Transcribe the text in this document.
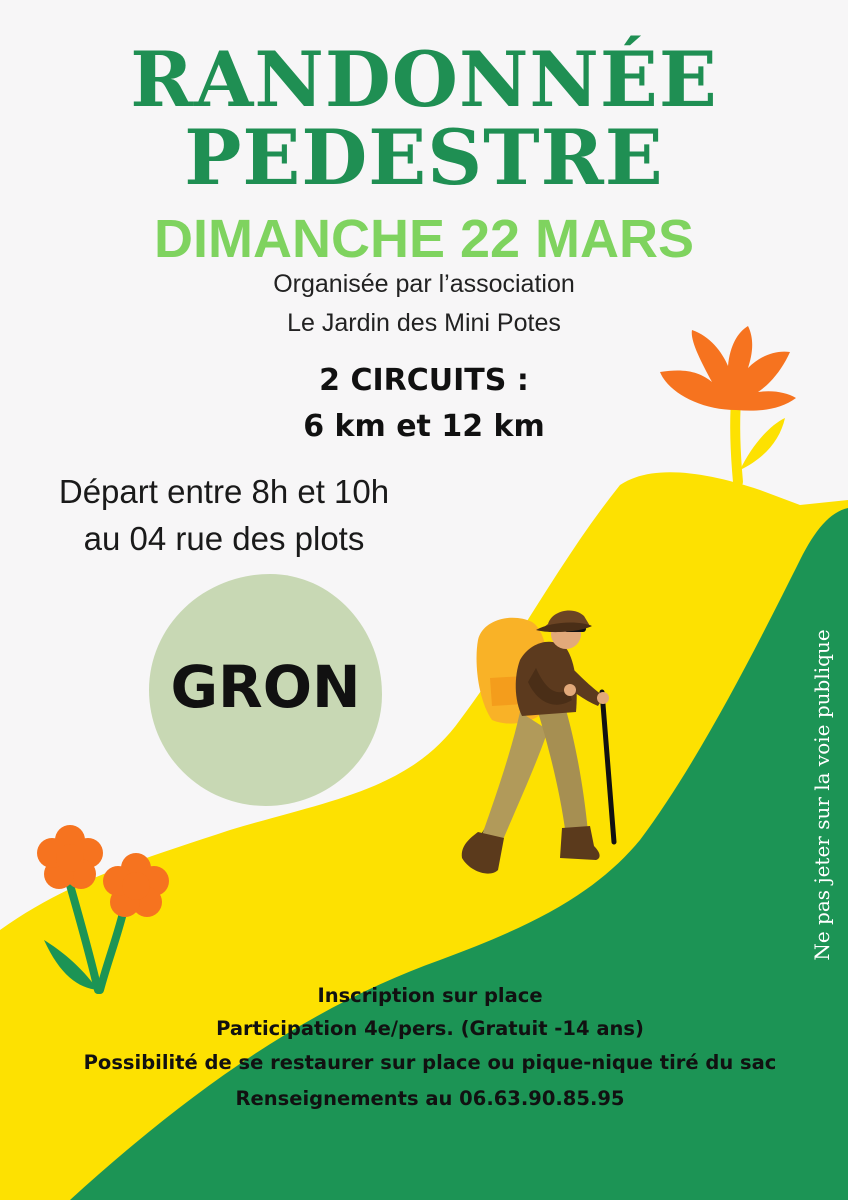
RANDONNÉE

PEDESTRE

DIMANCHE 22 MARS

Organisée par l’association

Le Jardin des Mini Potes

2 CIRCUITS :

6 km et 12 km

Départ entre 8h et 10h

au 04 rue des plots

GRON	Ne pas jeter sur la voie publique

Inscription sur place

Participation 4e/pers. (Gratuit -14 ans)

Possibilité de se restaurer sur place ou pique-nique tiré du sac

Renseignements au 06.63.90.85.95
